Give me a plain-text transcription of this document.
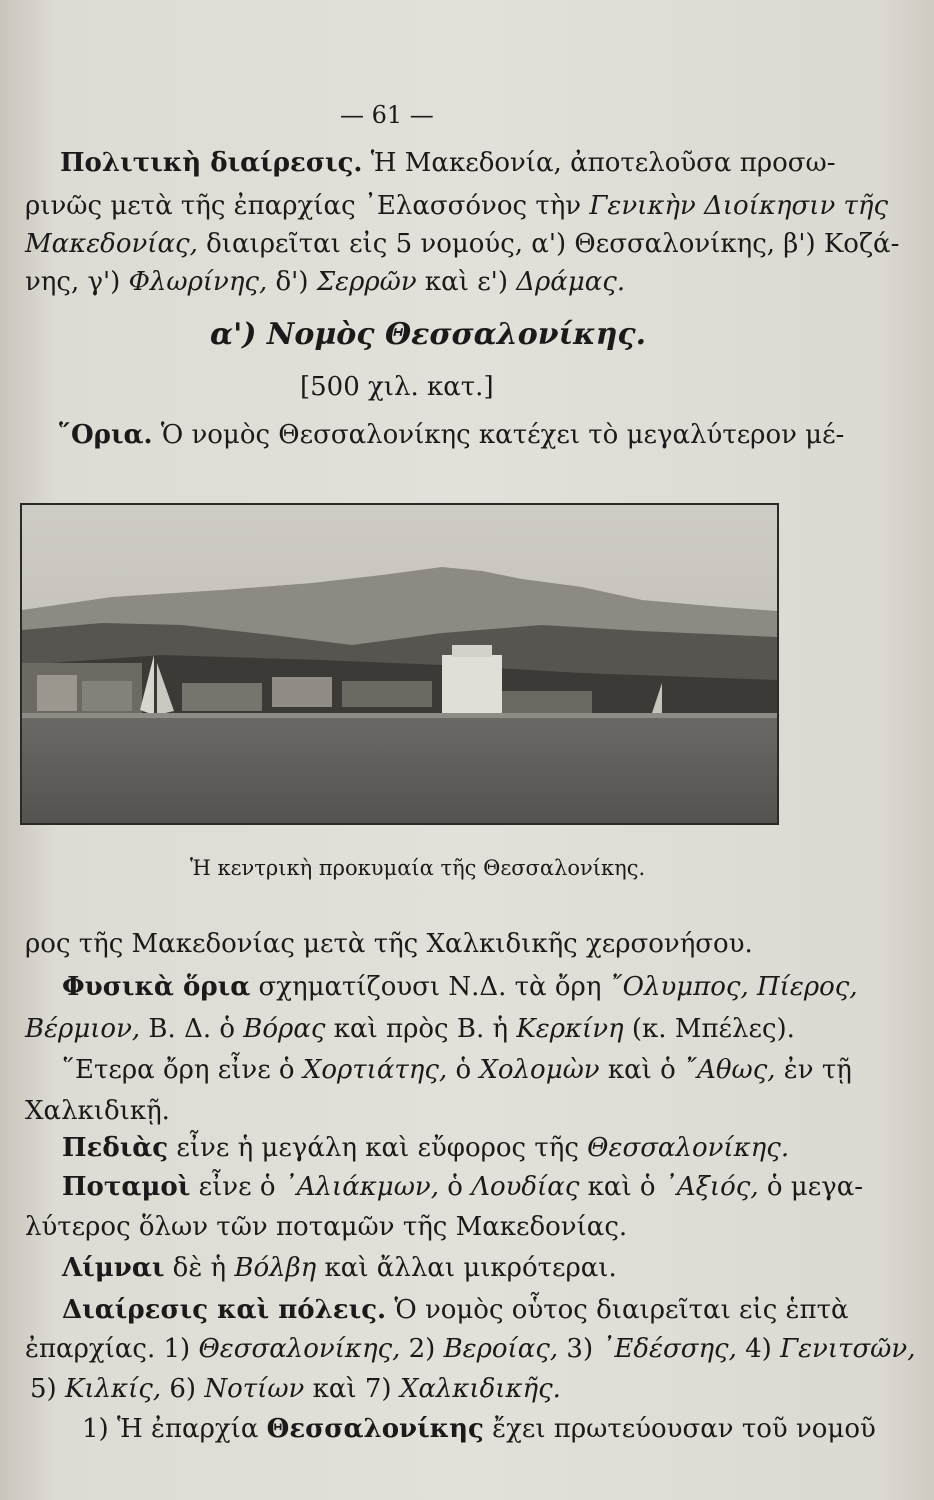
— 61 —
Πολιτικὴ διαίρεσις. Ἡ Μακεδονία, ἀποτελοῦσα προσω-
ρινῶς μετὰ τῆς ἐπαρχίας ᾿Ελασσόνος τὴν Γενικὴν Διοίκησιν τῆς
Μακεδονίας, διαιρεῖται εἰς 5 νομούς, α') Θεσσαλονίκης, β') Κοζά-
νης, γ') Φλωρίνης, δ') Σερρῶν καὶ ε') Δράμας.
α') Νομὸς Θεσσαλονίκης.
[500 χιλ. κατ.]
῞Ορια. Ὁ νομὸς Θεσσαλονίκης κατέχει τὸ μεγαλύτερον μέ-
Ἡ κεντρικὴ προκυμαία τῆς Θεσσαλονίκης.
ρος τῆς Μακεδονίας μετὰ τῆς Χαλκιδικῆς χερσονήσου.
Φυσικὰ ὅρια σχηματίζουσι Ν.Δ. τὰ ὄρη ῎Ολυμπος, Πίερος,
Βέρμιον, Β. Δ. ὁ Βόρας καὶ πρὸς Β. ἡ Κερκίνη (κ. Μπέλες).
῞Ετερα ὄρη εἶνε ὁ Χορτιάτης, ὁ Χολομὼν καὶ ὁ ῎Αθως, ἐν τῇ
Χαλκιδικῇ.
Πεδιὰς εἶνε ἡ μεγάλη καὶ εὔφορος τῆς Θεσσαλονίκης.
Ποταμοὶ εἶνε ὁ ᾿Αλιάκμων, ὁ Λουδίας καὶ ὁ ᾿Αξιός, ὁ μεγα-
λύτερος ὅλων τῶν ποταμῶν τῆς Μακεδονίας.
Λίμναι δὲ ἡ Βόλβη καὶ ἄλλαι μικρότεραι.
Διαίρεσις καὶ πόλεις. Ὁ νομὸς οὗτος διαιρεῖται εἰς ἑπτὰ
ἐπαρχίας. 1) Θεσσαλονίκης, 2) Βεροίας, 3) ᾿Εδέσσης, 4) Γενιτσῶν,
5) Κιλκίς, 6) Νοτίων καὶ 7) Χαλκιδικῆς.
1) Ἡ ἐπαρχία Θεσσαλονίκης ἔχει πρωτεύουσαν τοῦ νομοῦ
